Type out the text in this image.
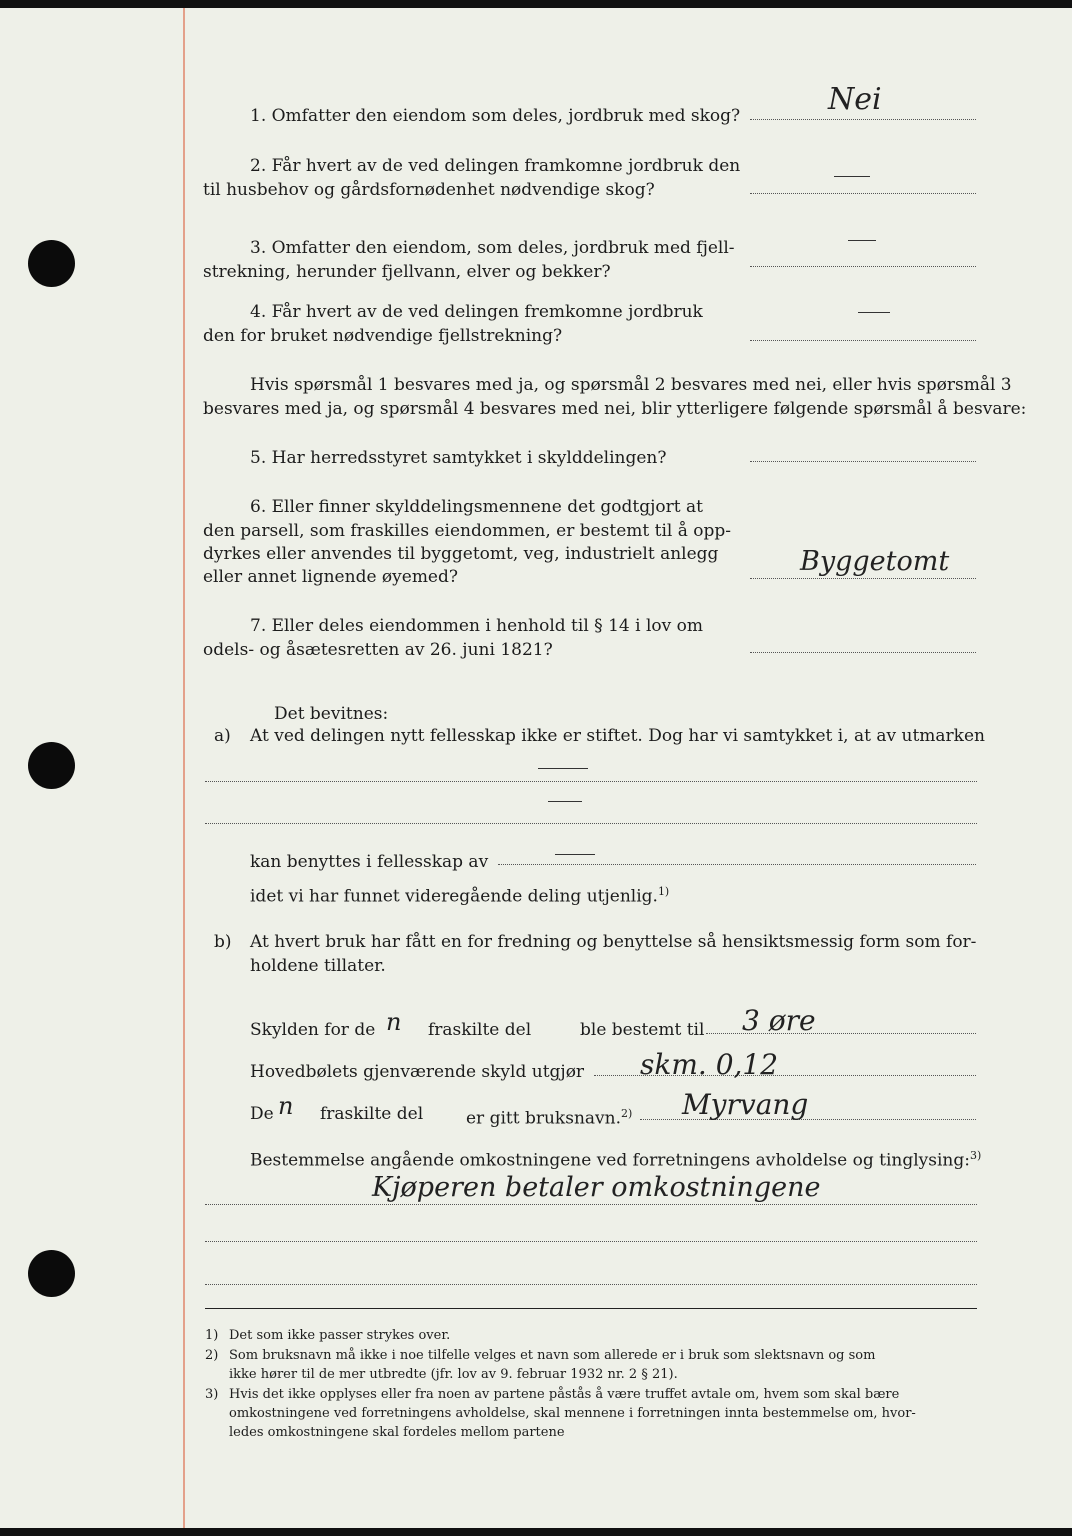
1. Omfatter den eiendom som deles, jordbruk med skog?	Nei
2. Får hvert av de ved delingen framkomne jordbruk den
til husbehov og gårdsfornødenhet nødvendige skog?
3. Omfatter den eiendom, som deles, jordbruk med fjell-
strekning, herunder fjellvann, elver og bekker?
4. Får hvert av de ved delingen fremkomne jordbruk
den for bruket nødvendige fjellstrekning?
Hvis spørsmål 1 besvares med ja, og spørsmål 2 besvares med nei, eller hvis spørsmål 3
besvares med ja, og spørsmål 4 besvares med nei, blir ytterligere følgende spørsmål å besvare:
5. Har herredsstyret samtykket i skylddelingen?
6. Eller finner skylddelingsmennene det godtgjort at
den parsell, som fraskilles eiendommen, er bestemt til å opp-
dyrkes eller anvendes til byggetomt, veg, industrielt anlegg
eller annet lignende øyemed?	Byggetomt
7. Eller deles eiendommen i henhold til § 14 i lov om
odels- og åsætesretten av 26. juni 1821?
Det bevitnes:
a) At ved delingen nytt fellesskap ikke er stiftet. Dog har vi samtykket i, at av utmarken
kan benyttes i fellesskap av
idet vi har funnet videregående deling utjenlig.$^{1)}$
b) At hvert bruk har fått en for fredning og benyttelse så hensiktsmessig form som for-
holdene tillater.
Skylden for de n fraskilte del	ble bestemt til 3 øre
Hovedbølets gjenværende skyld utgjør skm. 0,12
De n fraskilte del	er gitt bruksnavn.$^{2)}$ Myrvang
Bestemmelse angående omkostningene ved forretningens avholdelse og tinglysing:$^{3)}$
Kjøperen betaler omkostningene
1) Det som ikke passer strykes over.
2) Som bruksnavn må ikke i noe tilfelle velges et navn som allerede er i bruk som slektsnavn og som
ikke hører til de mer utbredte (jfr. lov av 9. februar 1932 nr. 2 § 21).
3) Hvis det ikke opplyses eller fra noen av partene påstås å være truffet avtale om, hvem som skal bære
omkostningene ved forretningens avholdelse, skal mennene i forretningen innta bestemmelse om, hvor-
ledes omkostningene skal fordeles mellom partene
